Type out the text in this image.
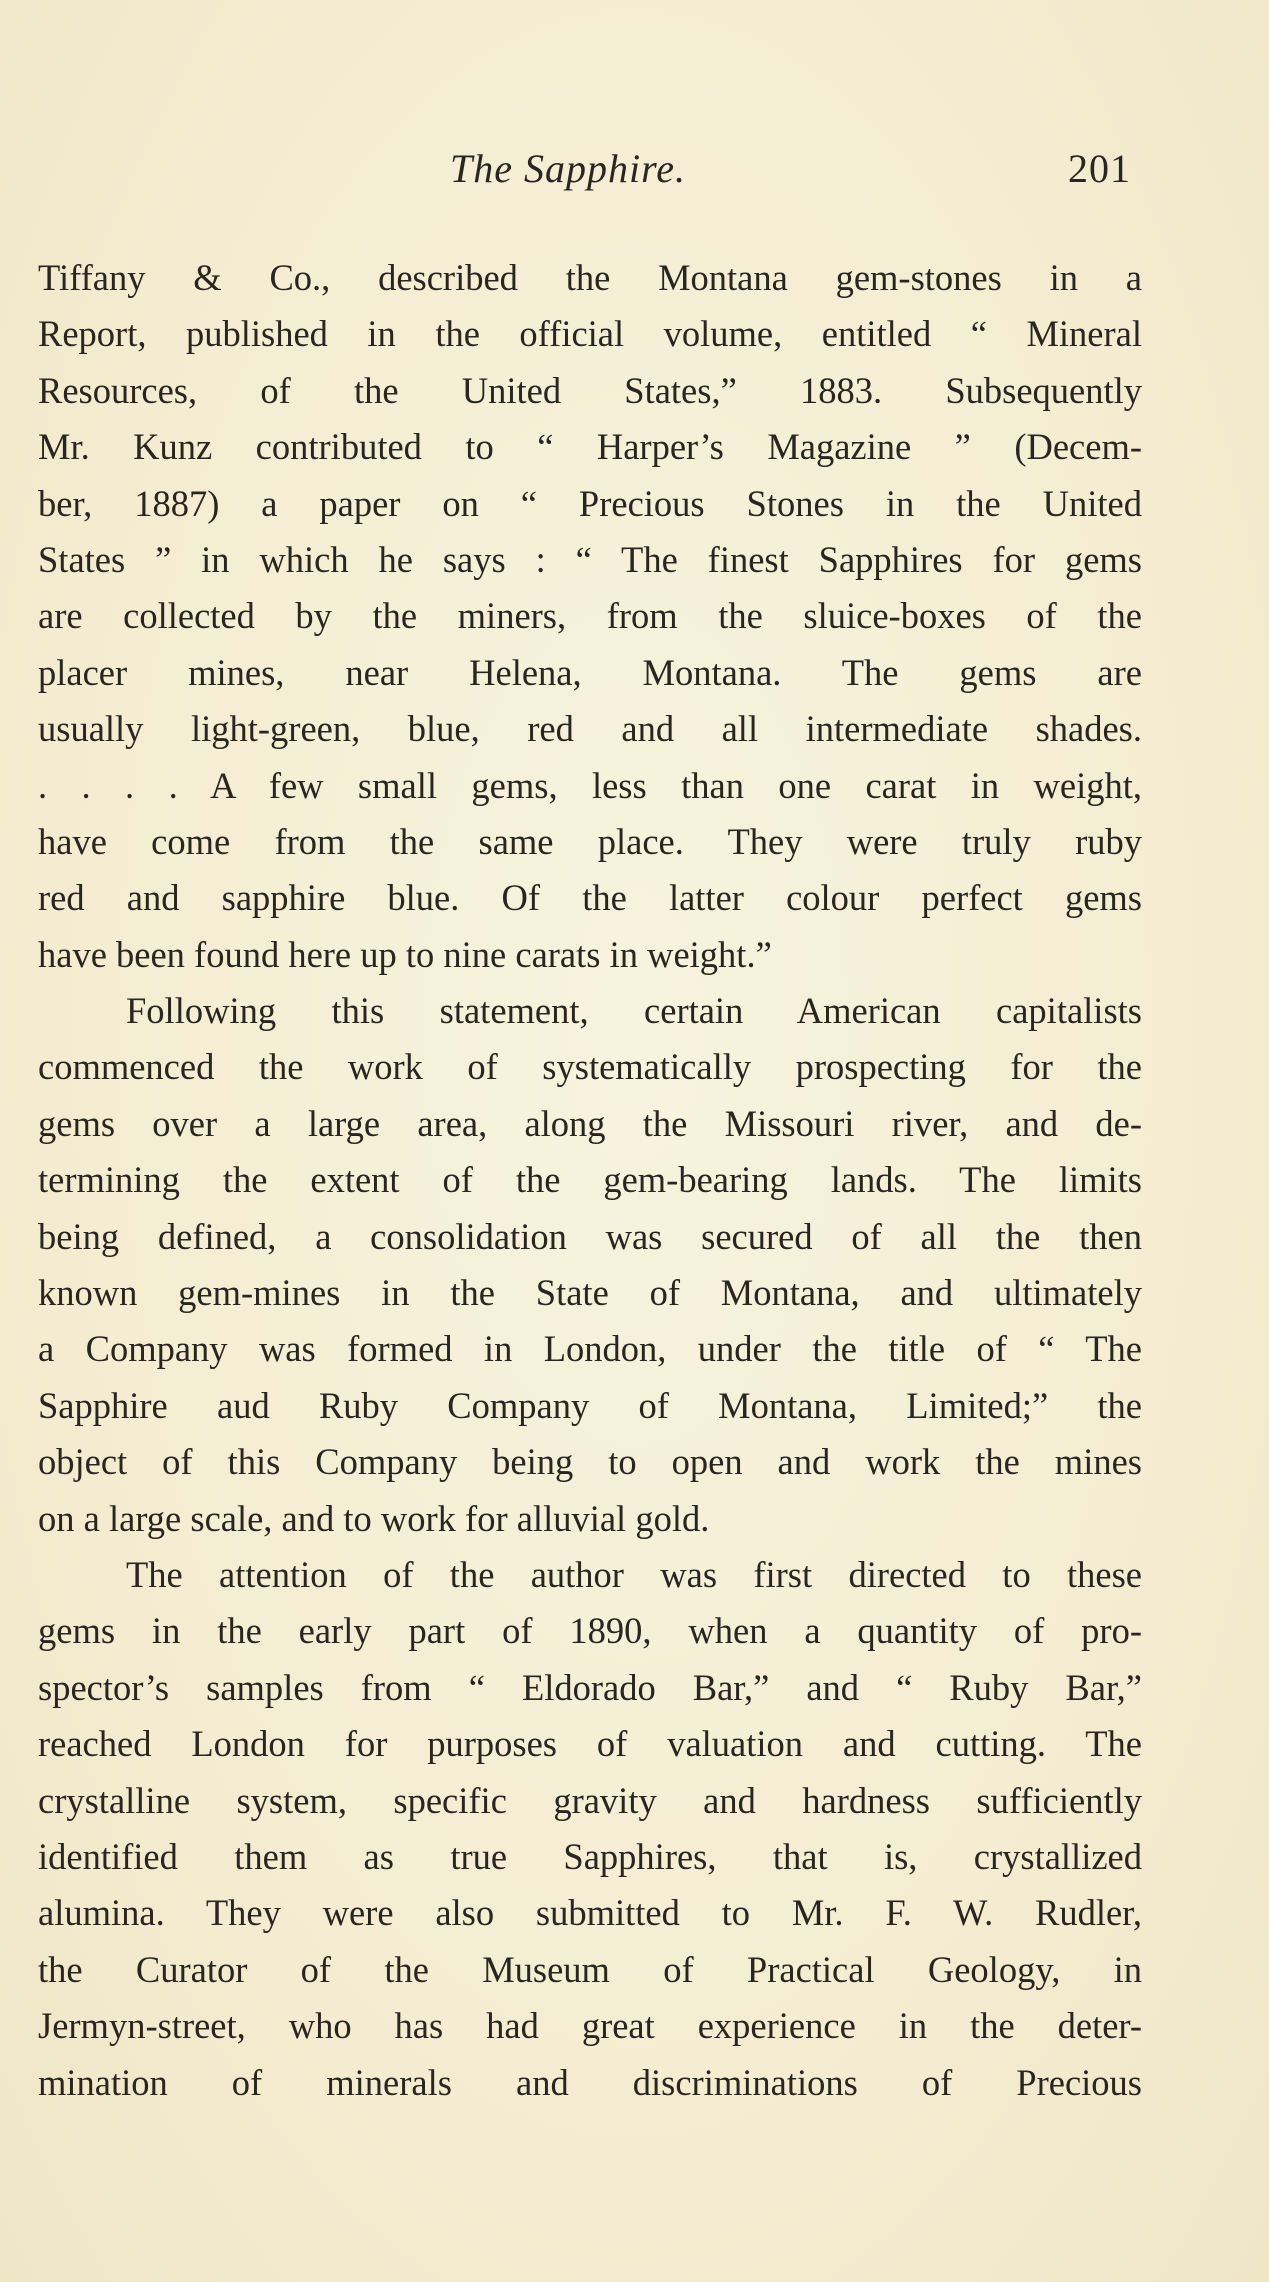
The Sapphire.	201
Tiffany & Co., described the Montana gem-stones in a
Report, published in the official volume, entitled “ Mineral
Resources, of the United States,” 1883. Subsequently
Mr. Kunz contributed to “ Harper’s Magazine ” (Decem-
ber, 1887) a paper on “ Precious Stones in the United
States ” in which he says : “ The finest Sapphires for gems
are collected by the miners, from the sluice-boxes of the
placer mines, near Helena, Montana. The gems are
usually light-green, blue, red and all intermediate shades.
. . . . A few small gems, less than one carat in weight,
have come from the same place. They were truly ruby
red and sapphire blue. Of the latter colour perfect gems
have been found here up to nine carats in weight.”
Following this statement, certain American capitalists
commenced the work of systematically prospecting for the
gems over a large area, along the Missouri river, and de-
termining the extent of the gem-bearing lands. The limits
being defined, a consolidation was secured of all the then
known gem-mines in the State of Montana, and ultimately
a Company was formed in London, under the title of “ The
Sapphire aud Ruby Company of Montana, Limited;” the
object of this Company being to open and work the mines
on a large scale, and to work for alluvial gold.
The attention of the author was first directed to these
gems in the early part of 1890, when a quantity of pro-
spector’s samples from “ Eldorado Bar,” and “ Ruby Bar,”
reached London for purposes of valuation and cutting. The
crystalline system, specific gravity and hardness sufficiently
identified them as true Sapphires, that is, crystallized
alumina. They were also submitted to Mr. F. W. Rudler,
the Curator of the Museum of Practical Geology, in
Jermyn-street, who has had great experience in the deter-
mination of minerals and discriminations of Precious
